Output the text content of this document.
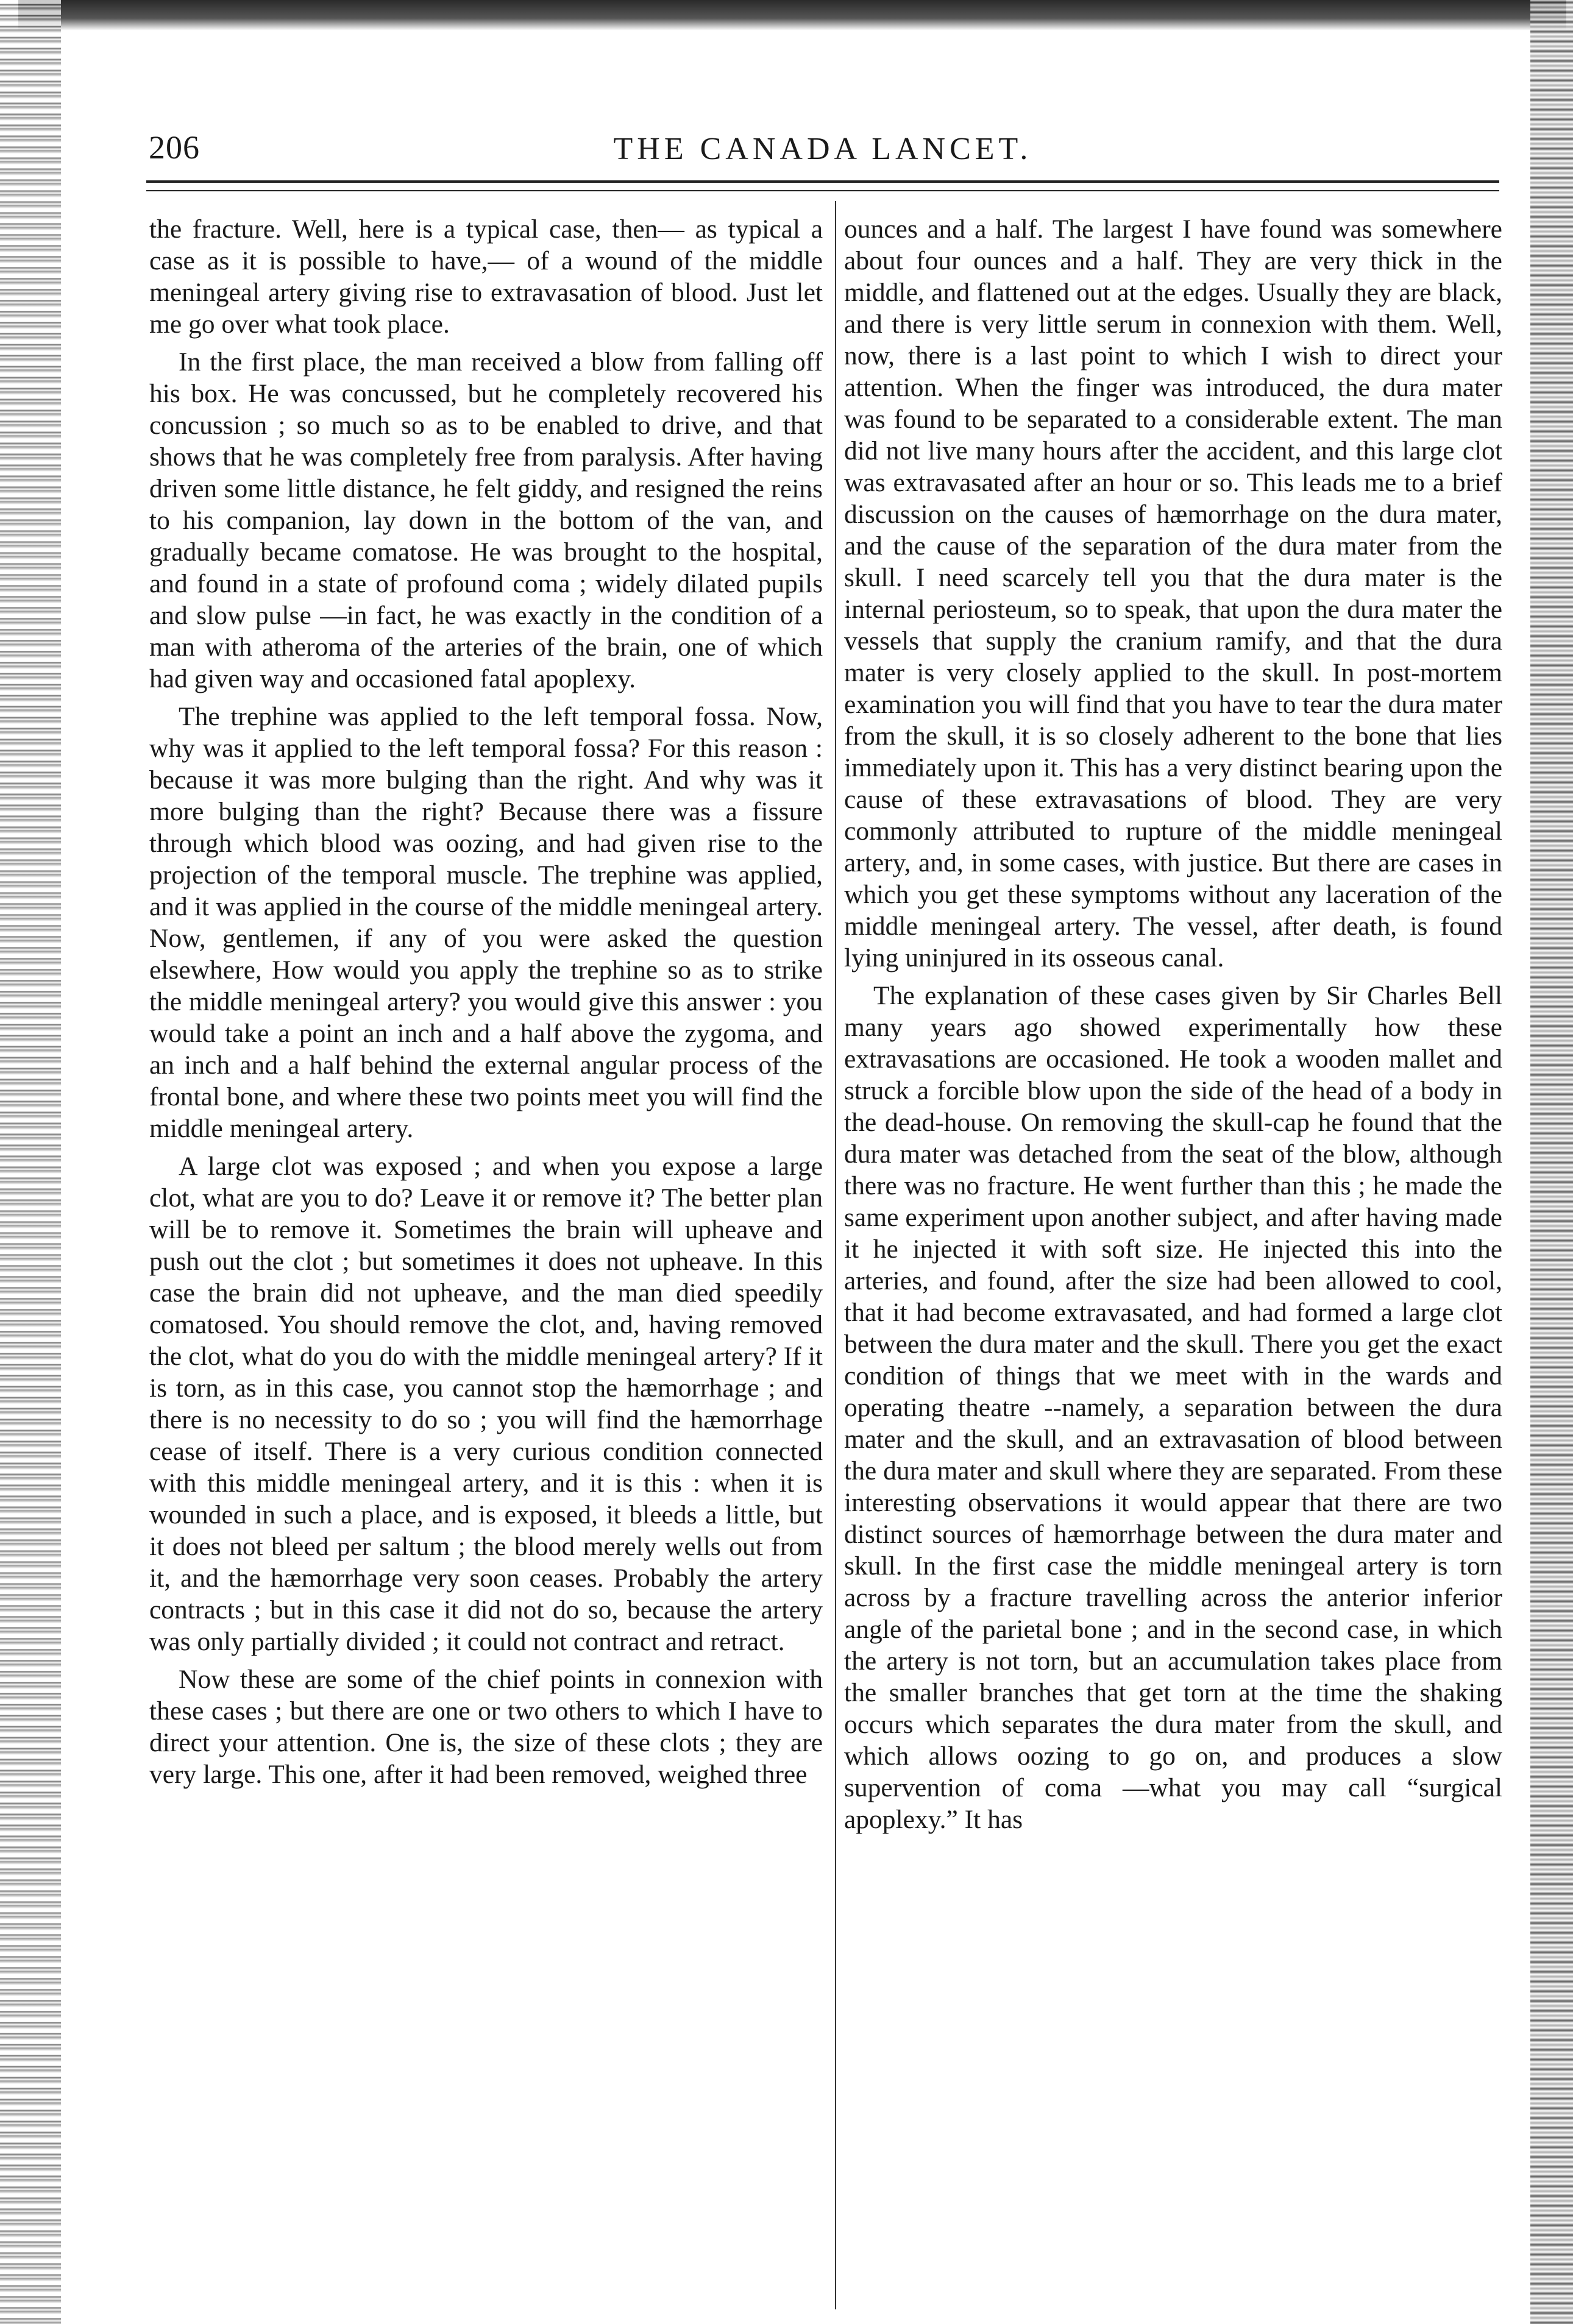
206	THE CANADA LANCET.

the fracture. Well, here is a typical case, then— as typical a case as it is possible to have,— of a wound of the middle meningeal artery giving rise to extravasation of blood. Just let me go over what took place.

In the first place, the man received a blow from falling off his box. He was concussed, but he completely recovered his concussion ; so much so as to be enabled to drive, and that shows that he was completely free from paralysis. After having driven some little distance, he felt giddy, and resigned the reins to his companion, lay down in the bottom of the van, and gradually became comatose. He was brought to the hospital, and found in a state of profound coma ; widely dilated pupils and slow pulse —in fact, he was exactly in the condition of a man with atheroma of the arteries of the brain, one of which had given way and occasioned fatal apoplexy.

The trephine was applied to the left temporal fossa. Now, why was it applied to the left temporal fossa? For this reason : because it was more bulging than the right. And why was it more bulging than the right? Because there was a fissure through which blood was oozing, and had given rise to the projection of the temporal muscle. The trephine was applied, and it was applied in the course of the middle meningeal artery. Now, gentlemen, if any of you were asked the question elsewhere, How would you apply the trephine so as to strike the middle meningeal artery? you would give this answer : you would take a point an inch and a half above the zygoma, and an inch and a half behind the external angular process of the frontal bone, and where these two points meet you will find the middle meningeal artery.

A large clot was exposed ; and when you expose a large clot, what are you to do? Leave it or remove it? The better plan will be to remove it. Sometimes the brain will upheave and push out the clot ; but sometimes it does not upheave. In this case the brain did not upheave, and the man died speedily comatosed. You should remove the clot, and, having removed the clot, what do you do with the middle meningeal artery? If it is torn, as in this case, you cannot stop the hæmorrhage ; and there is no necessity to do so ; you will find the hæmorrhage cease of itself. There is a very curious condition connected with this middle meningeal artery, and it is this : when it is wounded in such a place, and is exposed, it bleeds a little, but it does not bleed per saltum ; the blood merely wells out from it, and the hæmorrhage very soon ceases. Probably the artery contracts ; but in this case it did not do so, because the artery was only partially divided ; it could not contract and retract.

Now these are some of the chief points in connexion with these cases ; but there are one or two others to which I have to direct your attention. One is, the size of these clots ; they are very large. This one, after it had been removed, weighed three

ounces and a half. The largest I have found was somewhere about four ounces and a half. They are very thick in the middle, and flattened out at the edges. Usually they are black, and there is very little serum in connexion with them. Well, now, there is a last point to which I wish to direct your attention. When the finger was introduced, the dura mater was found to be separated to a considerable extent. The man did not live many hours after the accident, and this large clot was extravasated after an hour or so. This leads me to a brief discussion on the causes of hæmorrhage on the dura mater, and the cause of the separation of the dura mater from the skull. I need scarcely tell you that the dura mater is the internal periosteum, so to speak, that upon the dura mater the vessels that supply the cranium ramify, and that the dura mater is very closely applied to the skull. In post-mortem examination you will find that you have to tear the dura mater from the skull, it is so closely adherent to the bone that lies immediately upon it. This has a very distinct bearing upon the cause of these extravasations of blood. They are very commonly attributed to rupture of the middle meningeal artery, and, in some cases, with justice. But there are cases in which you get these symptoms without any laceration of the middle meningeal artery. The vessel, after death, is found lying uninjured in its osseous canal.

The explanation of these cases given by Sir Charles Bell many years ago showed experimentally how these extravasations are occasioned. He took a wooden mallet and struck a forcible blow upon the side of the head of a body in the dead-house. On removing the skull-cap he found that the dura mater was detached from the seat of the blow, although there was no fracture. He went further than this ; he made the same experiment upon another subject, and after having made it he injected it with soft size. He injected this into the arteries, and found, after the size had been allowed to cool, that it had become extravasated, and had formed a large clot between the dura mater and the skull. There you get the exact condition of things that we meet with in the wards and operating theatre --namely, a separation between the dura mater and the skull, and an extravasation of blood between the dura mater and skull where they are separated. From these interesting observations it would appear that there are two distinct sources of hæmorrhage between the dura mater and skull. In the first case the middle meningeal artery is torn across by a fracture travelling across the anterior inferior angle of the parietal bone ; and in the second case, in which the artery is not torn, but an accumulation takes place from the smaller branches that get torn at the time the shaking occurs which separates the dura mater from the skull, and which allows oozing to go on, and produces a slow supervention of coma —what you may call “surgical apoplexy.” It has
